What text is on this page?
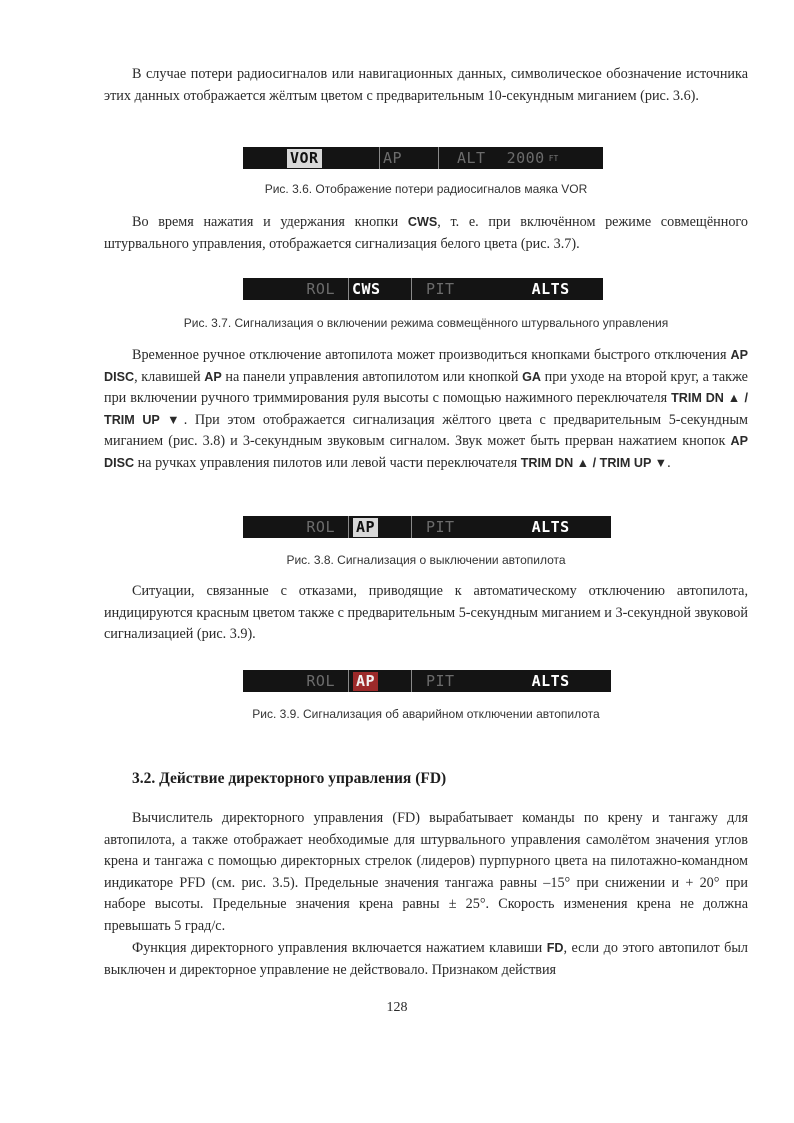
В случае потери радиосигналов или навигационных данных, символическое обозначение источника этих данных отображается жёлтым цветом с предварительным 10-секундным миганием (рис. 3.6).

VOR	AP	ALT	2000 FT
Рис. 3.6. Отображение потери радиосигналов маяка VOR

Во время нажатия и удержания кнопки CWS, т. е. при включённом режиме совмещённого штурвального управления, отображается сигнализация белого цвета (рис. 3.7).

ROL CWS	PIT	ALTS
Рис. 3.7. Сигнализация о включении режима совмещённого штурвального управления

Временное ручное отключение автопилота может производиться кнопками быстрого отключения AP DISC, клавишей AP на панели управления автопилотом или кнопкой GA при уходе на второй круг, а также при включении ручного триммирования руля высоты с помощью нажимного переключателя TRIM DN ▲ / TRIM UP ▼. При этом отображается сигнализация жёлтого цвета с предварительным 5-секундным миганием (рис. 3.8) и 3-секундным звуковым сигналом. Звук может быть прерван нажатием кнопок AP DISC на ручках управления пилотов или левой части переключателя TRIM DN ▲ / TRIM UP ▼.

ROL AP	PIT	ALTS
Рис. 3.8. Сигнализация о выключении автопилота

Ситуации, связанные с отказами, приводящие к автоматическому отключению автопилота, индицируются красным цветом также с предварительным 5-секундным миганием и 3-секундной звуковой сигнализацией (рис. 3.9).

ROL AP	PIT	ALTS
Рис. 3.9. Сигнализация об аварийном отключении автопилота
3.2. Действие директорного управления (FD)

Вычислитель директорного управления (FD) вырабатывает команды по крену и тангажу для автопилота, а также отображает необходимые для штурвального управления самолётом значения углов крена и тангажа с помощью директорных стрелок (лидеров) пурпурного цвета на пилотажно-командном индикаторе PFD (см. рис. 3.5). Предельные значения тангажа равны –15° при снижении и + 20° при наборе высоты. Предельные значения крена равны ± 25°. Скорость изменения крена не должна превышать 5 град/с.

Функция директорного управления включается нажатием клавиши FD, если до этого автопилот был выключен и директорное управление не действовало. Признаком действия

128
